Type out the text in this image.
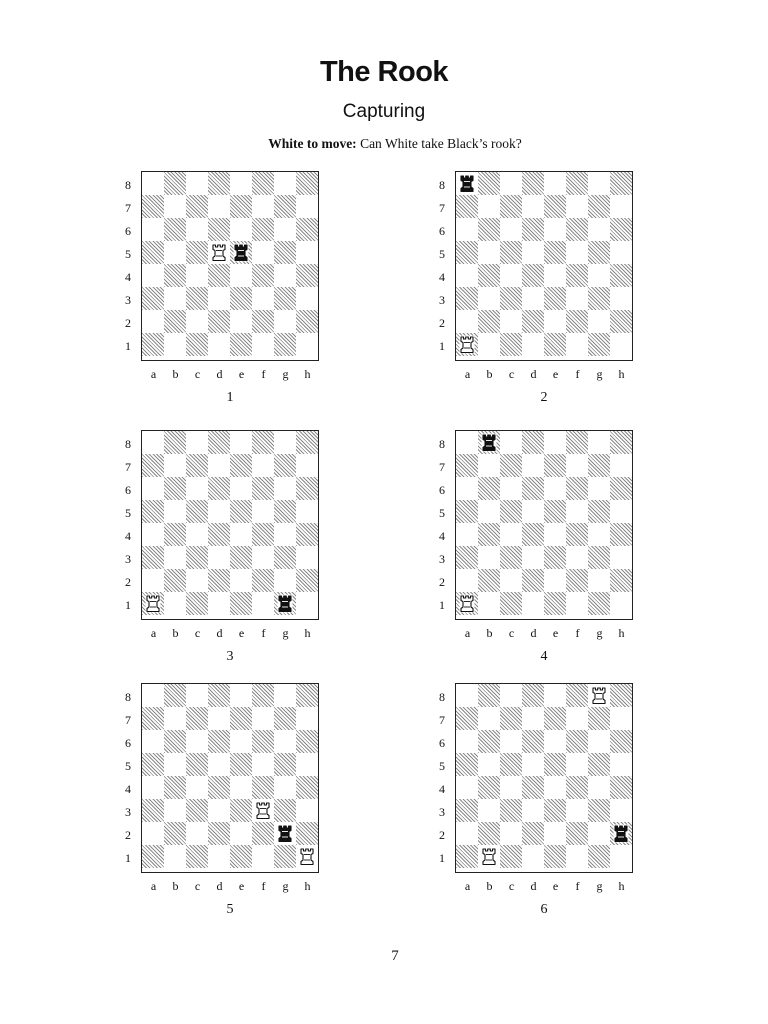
The Rook
Capturing
White to move: Can White take Black’s rook?
8
7
6
5
4
3
2
1
a	b	c	d	e	f	g	h
1
8
7
6
5
4
3
2
1
a	b	c	d	e	f	g	h
2
8
7
6
5
4
3
2
1
a	b	c	d	e	f	g	h
3
8
7
6
5
4
3
2
1
a	b	c	d	e	f	g	h
4
8
7
6
5
4
3
2
1
a	b	c	d	e	f	g	h
5
8
7
6
5
4
3
2
1
a	b	c	d	e	f	g	h
6
7
